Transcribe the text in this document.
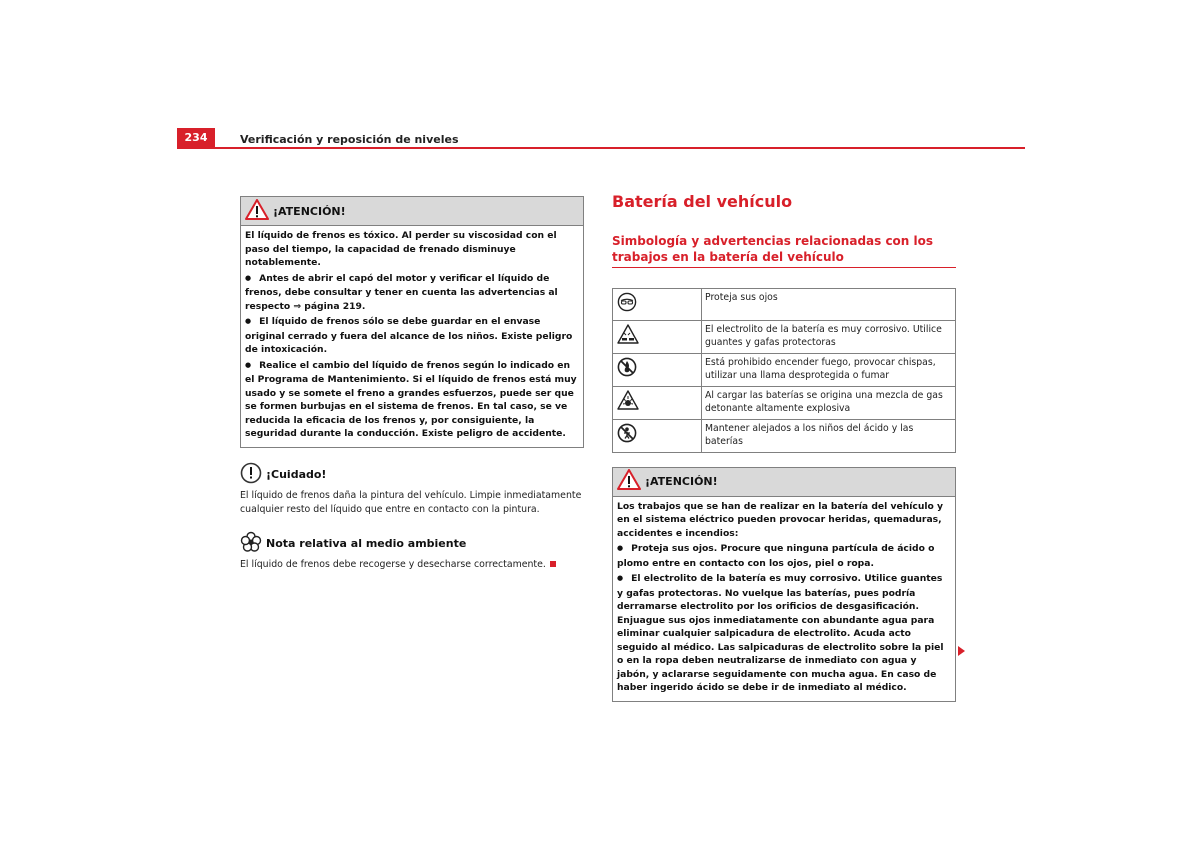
234	Verificación y reposición de niveles
¡ATENCIÓN!

El líquido de frenos es tóxico. Al perder su viscosidad con el paso del tiempo, la capacidad de frenado disminuye notablemente.

● Antes de abrir el capó del motor y verificar el líquido de frenos, debe consultar y tener en cuenta las advertencias al respecto ⇒ página 219.

● El líquido de frenos sólo se debe guardar en el envase original cerrado y fuera del alcance de los niños. Existe peligro de intoxicación.

● Realice el cambio del líquido de frenos según lo indicado en el Programa de Mantenimiento. Si el líquido de frenos está muy usado y se somete el freno a grandes esfuerzos, puede ser que se formen burbujas en el sistema de frenos. En tal caso, se ve reducida la eficacia de los frenos y, por consiguiente, la seguridad durante la conducción. Existe peligro de accidente.

¡Cuidado!
El líquido de frenos daña la pintura del vehículo. Limpie inmediatamente cualquier resto del líquido que entre en contacto con la pintura.
Nota relativa al medio ambiente
El líquido de frenos debe recogerse y desecharse correctamente.
Batería del vehículo
Simbología y advertencias relacionadas con los trabajos en la batería del vehículo
	Proteja sus ojos
	El electrolito de la batería es muy corrosivo. Utilice guantes y gafas protectoras
	Está prohibido encender fuego, provocar chispas, utilizar una llama desprotegida o fumar
	Al cargar las baterías se origina una mezcla de gas detonante altamente explosiva
	Mantener alejados a los niños del ácido y las baterías
¡ATENCIÓN!

Los trabajos que se han de realizar en la batería del vehículo y en el sistema eléctrico pueden provocar heridas, quemaduras, accidentes e incendios:

● Proteja sus ojos. Procure que ninguna partícula de ácido o plomo entre en contacto con los ojos, piel o ropa.

● El electrolito de la batería es muy corrosivo. Utilice guantes y gafas protectoras. No vuelque las baterías, pues podría derramarse electrolito por los orificios de desgasificación. Enjuague sus ojos inmediatamente con abundante agua para eliminar cualquier salpicadura de electrolito. Acuda acto seguido al médico. Las salpicaduras de electrolito sobre la piel o en la ropa deben neutralizarse de inmediato con agua y jabón, y aclararse seguidamente con mucha agua. En caso de haber ingerido ácido se debe ir de inmediato al médico.
